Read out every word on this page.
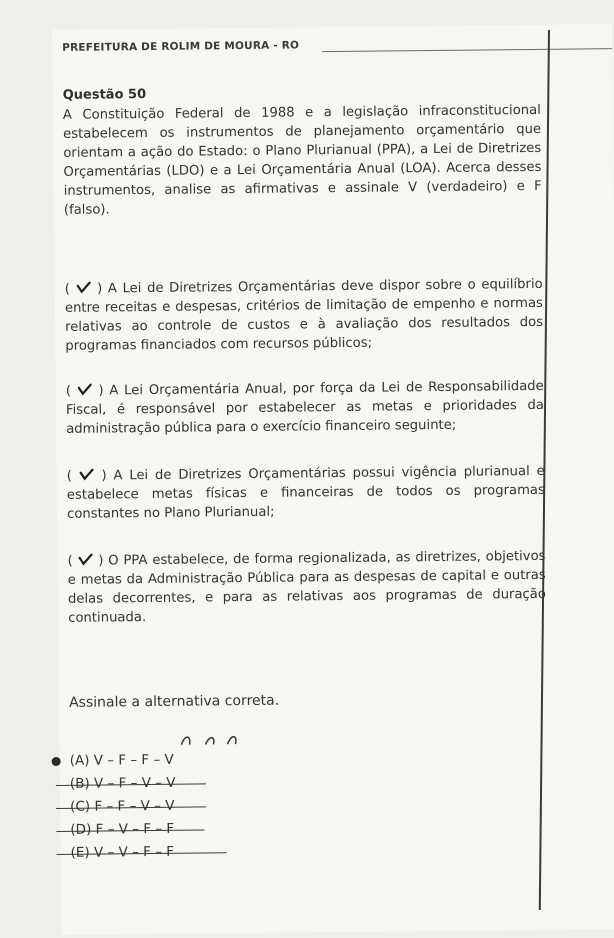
PREFEITURA DE ROLIM DE MOURA - RO
Questão 50
A Constituição Federal de 1988 e a legislação infraconstitucional estabelecem os instrumentos de planejamento orçamentário que orientam a ação do Estado: o Plano Plurianual (PPA), a Lei de Diretrizes Orçamentárias (LDO) e a Lei Orçamentária Anual (LOA). Acerca desses instrumentos, analise as afirmativas e assinale V (verdadeiro) e F (falso).
(
) A Lei de Diretrizes Orçamentárias deve dispor sobre o equilíbrio entre receitas e despesas, critérios de limitação de empenho e normas relativas ao controle de custos e à avaliação dos resultados dos programas financiados com recursos públicos;
(
) A Lei Orçamentária Anual, por força da Lei de Responsabilidade Fiscal, é responsável por estabelecer as metas e prioridades da administração pública para o exercício financeiro seguinte;
(
) A Lei de Diretrizes Orçamentárias possui vigência plurianual e estabelece metas físicas e financeiras de todos os programas constantes no Plano Plurianual;
(
) O PPA estabelece, de forma regionalizada, as diretrizes, objetivos e metas da Administração Pública para as despesas de capital e outras delas decorrentes, e para as relativas aos programas de duração continuada.
Assinale a alternativa correta.
(A) V – F – F – V
(B) V – F – V – V
(C) F – F – V – V
(D) F – V – F – F
(E) V – V – F – F
